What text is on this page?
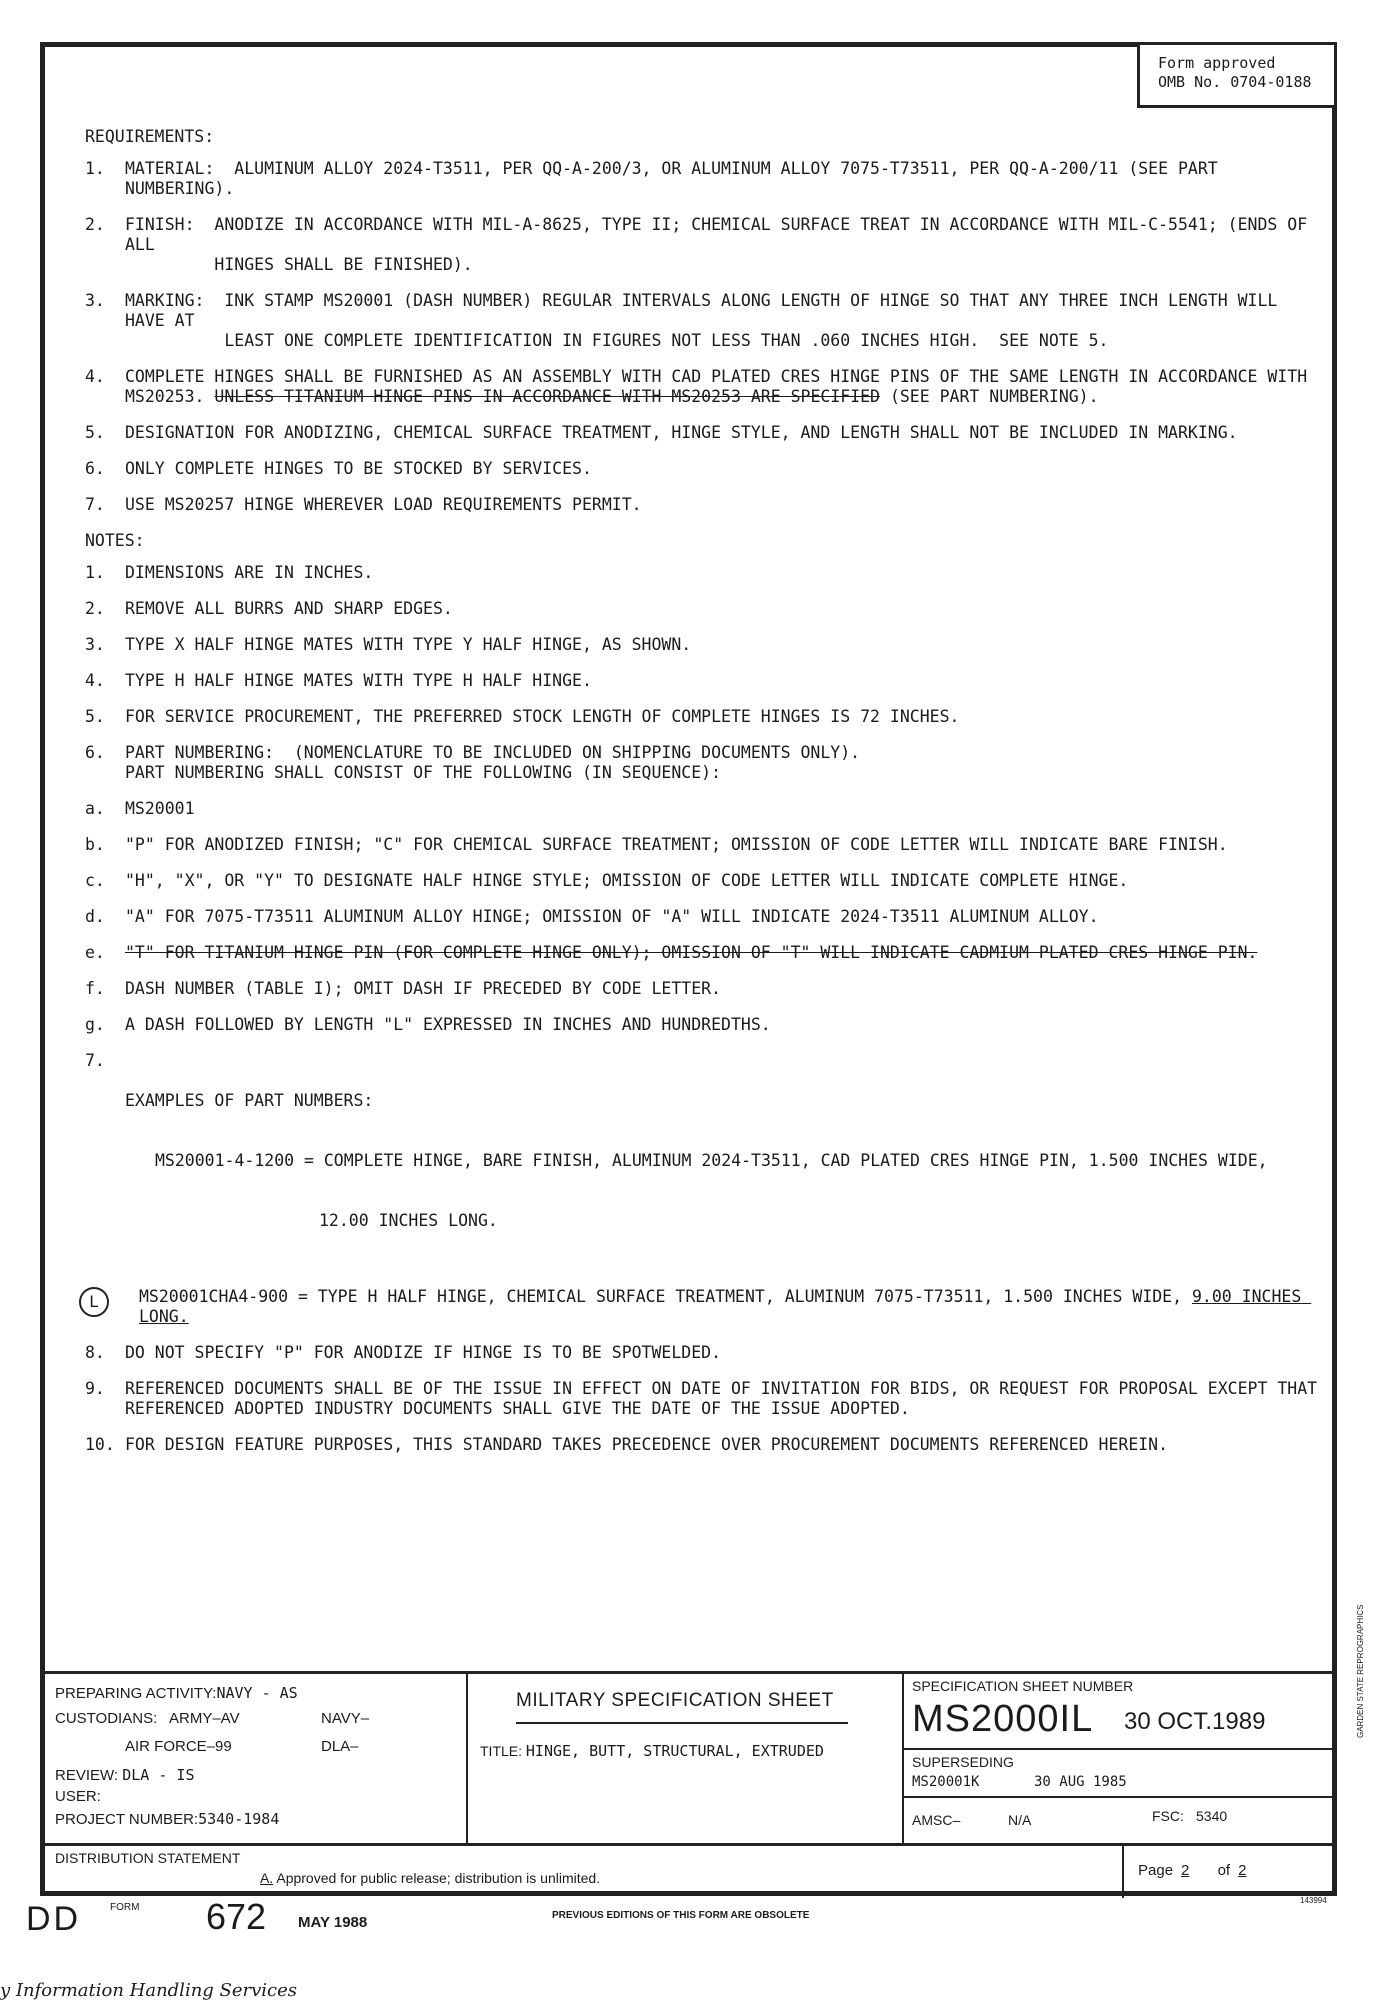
Form approved
OMB No. 0704-0188
REQUIREMENTS:
1.	MATERIAL:  ALUMINUM ALLOY 2024-T3511, PER QQ-A-200/3, OR ALUMINUM ALLOY 7075-T73511, PER QQ-A-200/11 (SEE PART NUMBERING).
2.	FINISH:  ANODIZE IN ACCORDANCE WITH MIL-A-8625, TYPE II; CHEMICAL SURFACE TREAT IN ACCORDANCE WITH MIL-C-5541; (ENDS OF ALL
HINGES SHALL BE FINISHED).
3.	MARKING:  INK STAMP MS20001 (DASH NUMBER) REGULAR INTERVALS ALONG LENGTH OF HINGE SO THAT ANY THREE INCH LENGTH WILL HAVE AT
LEAST ONE COMPLETE IDENTIFICATION IN FIGURES NOT LESS THAN .060 INCHES HIGH.  SEE NOTE 5.
4.	COMPLETE HINGES SHALL BE FURNISHED AS AN ASSEMBLY WITH CAD PLATED CRES HINGE PINS OF THE SAME LENGTH IN ACCORDANCE WITH
MS20253. UNLESS TITANIUM HINGE PINS IN ACCORDANCE WITH MS20253 ARE SPECIFIED (SEE PART NUMBERING).
5.	DESIGNATION FOR ANODIZING, CHEMICAL SURFACE TREATMENT, HINGE STYLE, AND LENGTH SHALL NOT BE INCLUDED IN MARKING.
6.	ONLY COMPLETE HINGES TO BE STOCKED BY SERVICES.
7.	USE MS20257 HINGE WHEREVER LOAD REQUIREMENTS PERMIT.
NOTES:
1.	DIMENSIONS ARE IN INCHES.
2.	REMOVE ALL BURRS AND SHARP EDGES.
3.	TYPE X HALF HINGE MATES WITH TYPE Y HALF HINGE, AS SHOWN.
4.	TYPE H HALF HINGE MATES WITH TYPE H HALF HINGE.
5.	FOR SERVICE PROCUREMENT, THE PREFERRED STOCK LENGTH OF COMPLETE HINGES IS 72 INCHES.
6.	PART NUMBERING:  (NOMENCLATURE TO BE INCLUDED ON SHIPPING DOCUMENTS ONLY).
PART NUMBERING SHALL CONSIST OF THE FOLLOWING (IN SEQUENCE):
a.	MS20001
b.	"P" FOR ANODIZED FINISH; "C" FOR CHEMICAL SURFACE TREATMENT; OMISSION OF CODE LETTER WILL INDICATE BARE FINISH.
c.	"H", "X", OR "Y" TO DESIGNATE HALF HINGE STYLE; OMISSION OF CODE LETTER WILL INDICATE COMPLETE HINGE.
d.	"A" FOR 7075-T73511 ALUMINUM ALLOY HINGE; OMISSION OF "A" WILL INDICATE 2024-T3511 ALUMINUM ALLOY.
e.	"T" FOR TITANIUM HINGE PIN (FOR COMPLETE HINGE ONLY); OMISSION OF "T" WILL INDICATE CADMIUM PLATED CRES HINGE PIN.
f.	DASH NUMBER (TABLE I); OMIT DASH IF PRECEDED BY CODE LETTER.
g.	A DASH FOLLOWED BY LENGTH "L" EXPRESSED IN INCHES AND HUNDREDTHS.
7.

EXAMPLES OF PART NUMBERS:

MS20001-4-1200 = COMPLETE HINGE, BARE FINISH, ALUMINUM 2024-T3511, CAD PLATED CRES HINGE PIN, 1.500 INCHES WIDE,

12.00 INCHES LONG.

L	MS20001CHA4-900 = TYPE H HALF HINGE, CHEMICAL SURFACE TREATMENT, ALUMINUM 7075-T73511, 1.500 INCHES WIDE, 9.00 INCHES LONG.
8.	DO NOT SPECIFY "P" FOR ANODIZE IF HINGE IS TO BE SPOTWELDED.
9.	REFERENCED DOCUMENTS SHALL BE OF THE ISSUE IN EFFECT ON DATE OF INVITATION FOR BIDS, OR REQUEST FOR PROPOSAL EXCEPT THAT
REFERENCED ADOPTED INDUSTRY DOCUMENTS SHALL GIVE THE DATE OF THE ISSUE ADOPTED.
10. FOR DESIGN FEATURE PURPOSES, THIS STANDARD TAKES PRECEDENCE OVER PROCUREMENT DOCUMENTS REFERENCED HEREIN.
PREPARING ACTIVITY:NAVY - AS
CUSTODIANS: ARMY–AV	NAVY–
AIR FORCE–99	DLA–
REVIEW: DLA - IS
USER:
PROJECT NUMBER:5340-1984
MILITARY SPECIFICATION SHEET
TITLE: HINGE, BUTT, STRUCTURAL, EXTRUDED
SPECIFICATION SHEET NUMBER
MS2000IL 30 OCT.1989
SUPERSEDING
MS20001K	30 AUG 1985
AMSC–	N/A	FSC: 5340
DISTRIBUTION STATEMENT
A. Approved for public release; distribution is unlimited.	Page 2 of 2
DD	FORM 672 MAY 1988	PREVIOUS EDITIONS OF THIS FORM ARE OBSOLETE
143994
GARDEN STATE REPROGRAPHICS
y Information Handling Services
